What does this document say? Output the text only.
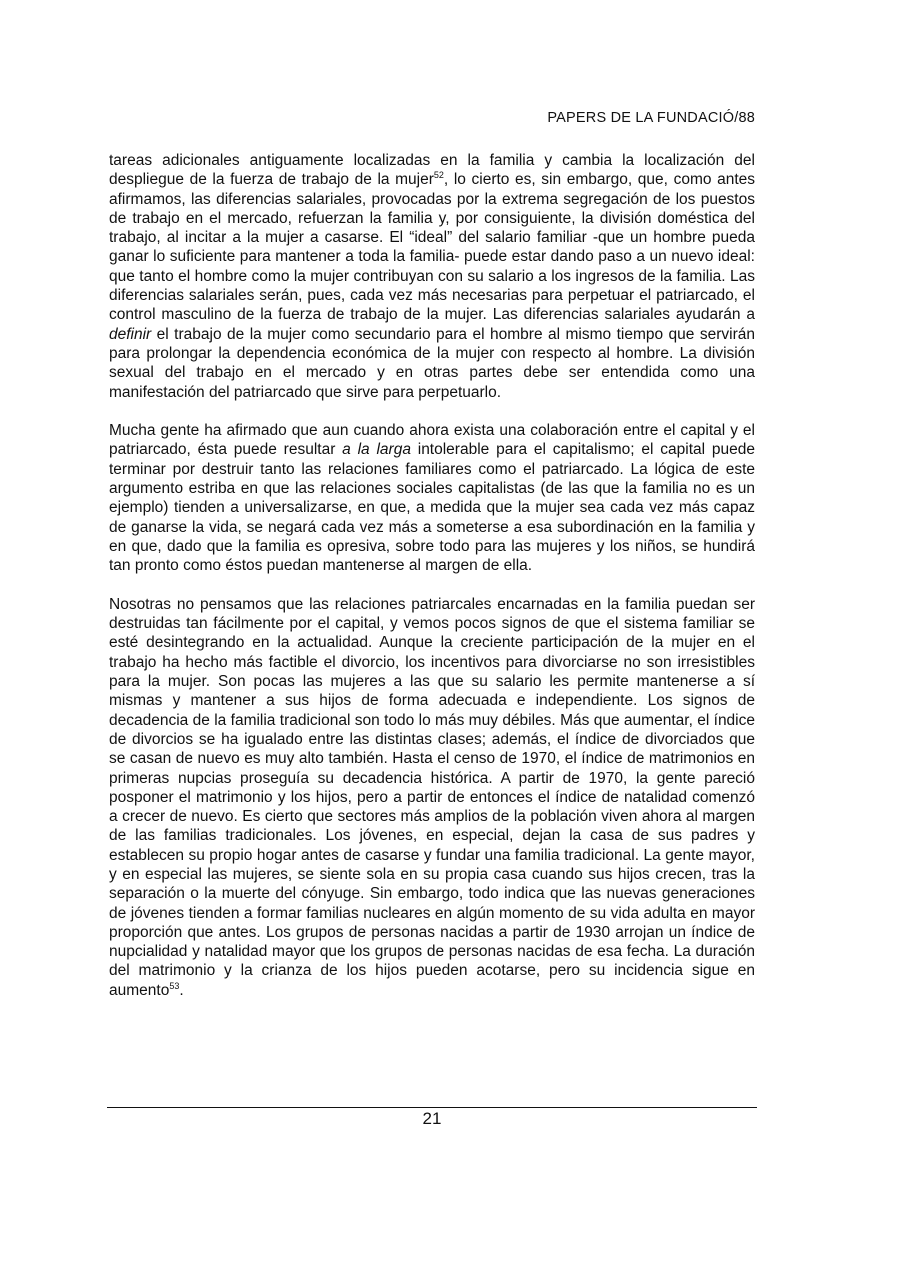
PAPERS DE LA FUNDACIÓ/88

tareas adicionales antiguamente localizadas en la familia y cambia la localización del despliegue de la fuerza de trabajo de la mujer$^{52}$, lo cierto es, sin embargo, que, como antes afirmamos, las diferencias salariales, provocadas por la extrema segregación de los puestos de trabajo en el mercado, refuerzan la familia y, por consiguiente, la división doméstica del trabajo, al incitar a la mujer a casarse. El “ideal” del salario familiar -que un hombre pueda ganar lo suficiente para mantener a toda la familia- puede estar dando paso a un nuevo ideal: que tanto el hombre como la mujer contribuyan con su salario a los ingresos de la familia. Las diferencias salariales serán, pues, cada vez más necesarias para perpetuar el patriarcado, el control masculino de la fuerza de trabajo de la mujer. Las diferencias salariales ayudarán a definir el trabajo de la mujer como secundario para el hombre al mismo tiempo que servirán para prolongar la dependencia económica de la mujer con respecto al hombre. La división sexual del trabajo en el mercado y en otras partes debe ser entendida como una manifestación del patriarcado que sirve para perpetuarlo.

Mucha gente ha afirmado que aun cuando ahora exista una colaboración entre el capital y el patriarcado, ésta puede resultar a la larga intolerable para el capitalismo; el capital puede terminar por destruir tanto las relaciones familiares como el patriarcado. La lógica de este argumento estriba en que las relaciones sociales capitalistas (de las que la familia no es un ejemplo) tienden a universalizarse, en que, a medida que la mujer sea cada vez más capaz de ganarse la vida, se negará cada vez más a someterse a esa subordinación en la familia y en que, dado que la familia es opresiva, sobre todo para las mujeres y los niños, se hundirá tan pronto como éstos puedan mantenerse al margen de ella.

Nosotras no pensamos que las relaciones patriarcales encarnadas en la familia puedan ser destruidas tan fácilmente por el capital, y vemos pocos signos de que el sistema familiar se esté desintegrando en la actualidad. Aunque la creciente participación de la mujer en el trabajo ha hecho más factible el divorcio, los incentivos para divorciarse no son irresistibles para la mujer. Son pocas las mujeres a las que su salario les permite mantenerse a sí mismas y mantener a sus hijos de forma adecuada e independiente. Los signos de decadencia de la familia tradicional son todo lo más muy débiles. Más que aumentar, el índice de divorcios se ha igualado entre las distintas clases; además, el índice de divorciados que se casan de nuevo es muy alto también. Hasta el censo de 1970, el índice de matrimonios en primeras nupcias proseguía su decadencia histórica. A partir de 1970, la gente pareció posponer el matrimonio y los hijos, pero a partir de entonces el índice de natalidad comenzó a crecer de nuevo. Es cierto que sectores más amplios de la población viven ahora al margen de las familias tradicionales. Los jóvenes, en especial, dejan la casa de sus padres y establecen su propio hogar antes de casarse y fundar una familia tradicional. La gente mayor, y en especial las mujeres, se siente sola en su propia casa cuando sus hijos crecen, tras la separación o la muerte del cónyuge. Sin embargo, todo indica que las nuevas generaciones de jóvenes tienden a formar familias nucleares en algún momento de su vida adulta en mayor proporción que antes. Los grupos de personas nacidas a partir de 1930 arrojan un índice de nupcialidad y natalidad mayor que los grupos de personas nacidas de esa fecha. La duración del matrimonio y la crianza de los hijos pueden acotarse, pero su incidencia sigue en aumento$^{53}$.

21
